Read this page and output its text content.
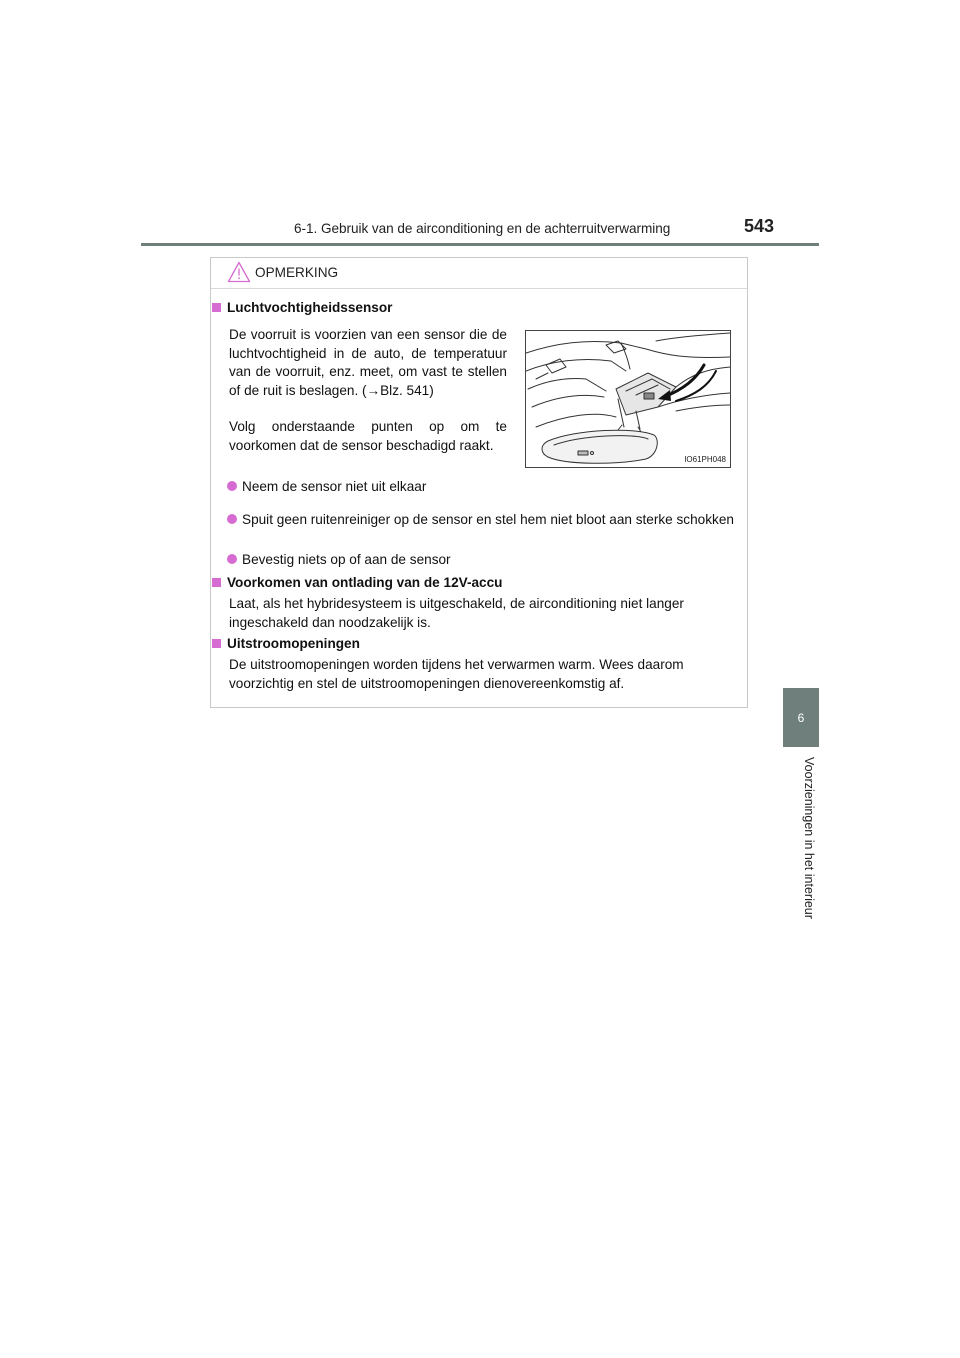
6-1. Gebruik van de airconditioning en de achterruitverwarming	543
6
Voorzieningen in het interieur
OPMERKING
Luchtvochtigheidssensor
De voorruit is voorzien van een sensor die de luchtvochtigheid in de auto, de temperatuur van de voorruit, enz. meet, om vast te stellen of de ruit is beslagen. (→Blz. 541)
Volg onderstaande punten op om te voorkomen dat de sensor beschadigd raakt.
Neem de sensor niet uit elkaar
Spuit geen ruitenreiniger op de sensor en stel hem niet bloot aan sterke schokken
Bevestig niets op of aan de sensor
IO61PH048
Voorkomen van ontlading van de 12V-accu
Laat, als het hybridesysteem is uitgeschakeld, de airconditioning niet langer ingeschakeld dan noodzakelijk is.
Uitstroomopeningen
De uitstroomopeningen worden tijdens het verwarmen warm. Wees daarom voorzichtig en stel de uitstroomopeningen dienovereenkomstig af.
